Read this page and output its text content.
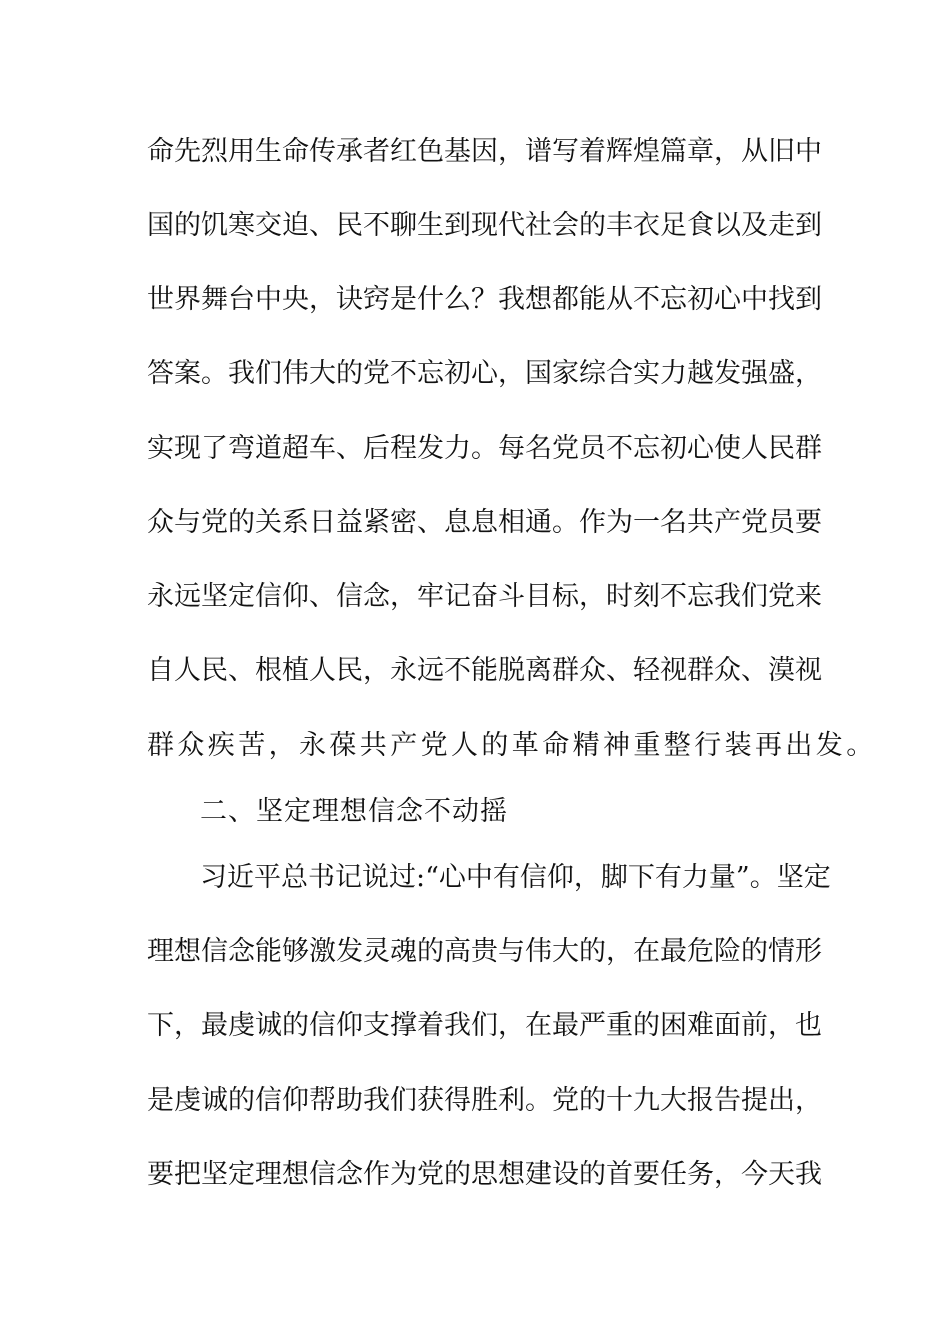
命先烈用生命传承者红色基因，谱写着辉煌篇章，从旧中
国的饥寒交迫、民不聊生到现代社会的丰衣足食以及走到
世界舞台中央，诀窍是什么？我想都能从不忘初心中找到
答案。我们伟大的党不忘初心，国家综合实力越发强盛，
实现了弯道超车、后程发力。每名党员不忘初心使人民群
众与党的关系日益紧密、息息相通。作为一名共产党员要
永远坚定信仰、信念，牢记奋斗目标，时刻不忘我们党来
自人民、根植人民，永远不能脱离群众、轻视群众、漠视
群众疾苦，永葆共产党人的革命精神重整行装再出发。
二、坚定理想信念不动摇
习近平总书记说过:“心中有信仰，脚下有力量”。坚定
理想信念能够激发灵魂的高贵与伟大的，在最危险的情形
下，最虔诚的信仰支撑着我们，在最严重的困难面前，也
是虔诚的信仰帮助我们获得胜利。党的十九大报告提出，
要把坚定理想信念作为党的思想建设的首要任务，今天我
